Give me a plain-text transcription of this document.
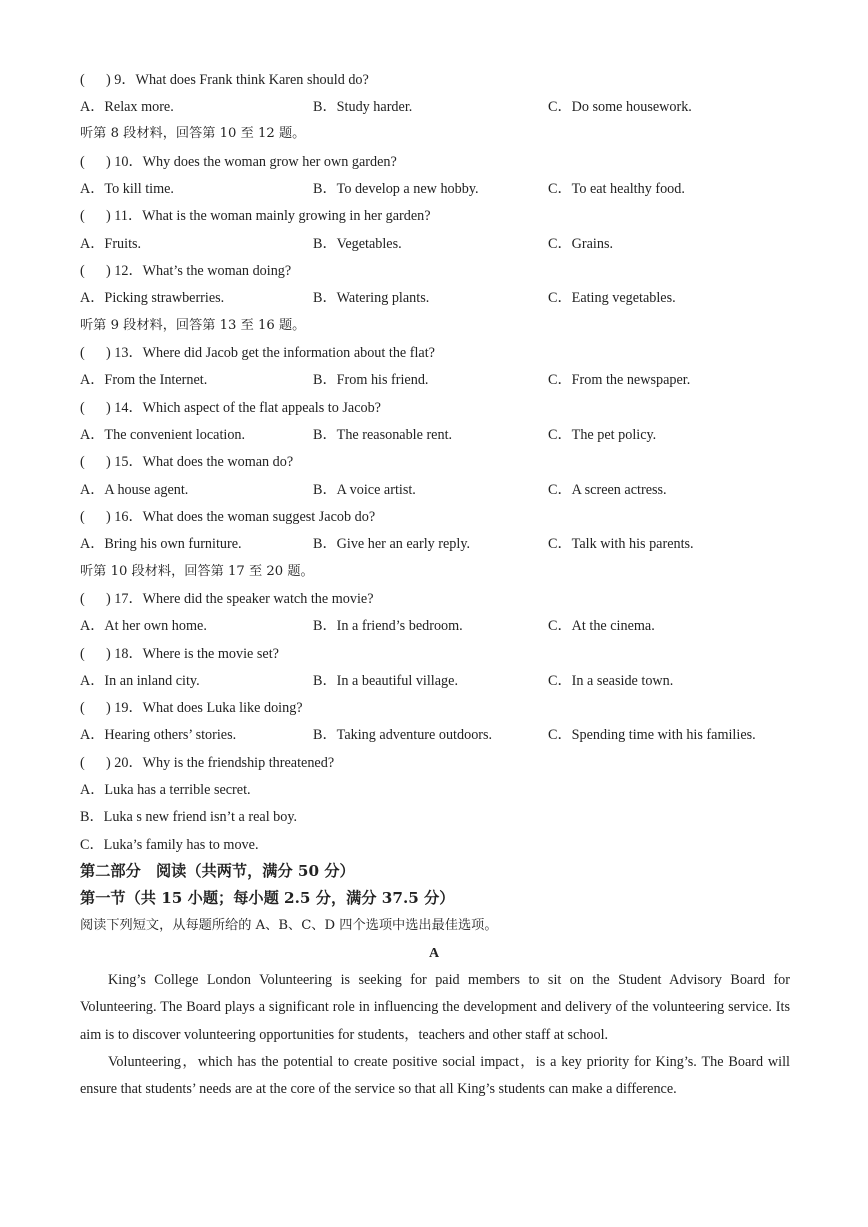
(      ) 9．What does Frank think Karen should do?
A．Relax more.	B．Study harder.	C．Do some housework.
听第 8 段材料，回答第 10 至 12 题。
(      ) 10．Why does the woman grow her own garden?
A．To kill time.	B．To develop a new hobby.	C．To eat healthy food.
(      ) 11．What is the woman mainly growing in her garden?
A．Fruits.	B．Vegetables.	C．Grains.
(      ) 12．What’s the woman doing?
A．Picking strawberries.	B．Watering plants.	C．Eating vegetables.
听第 9 段材料，回答第 13 至 16 题。
(      ) 13．Where did Jacob get the information about the flat?
A．From the Internet.	B．From his friend.	C．From the newspaper.
(      ) 14．Which aspect of the flat appeals to Jacob?
A．The convenient location.	B．The reasonable rent.	C．The pet policy.
(      ) 15．What does the woman do?
A．A house agent.	B．A voice artist.	C．A screen actress.
(      ) 16．What does the woman suggest Jacob do?
A．Bring his own furniture.	B．Give her an early reply.	C．Talk with his parents.
听第 10 段材料，回答第 17 至 20 题。
(      ) 17．Where did the speaker watch the movie?
A．At her own home.	B．In a friend’s bedroom.	C．At the cinema.
(      ) 18．Where is the movie set?
A．In an inland city.	B．In a beautiful village.	C．In a seaside town.
(      ) 19．What does Luka like doing?
A．Hearing others’ stories.	B．Taking adventure outdoors.	C．Spending time with his families.
(      ) 20．Why is the friendship threatened?
A．Luka has a terrible secret.
B．Luka s new friend isn’t a real boy.
C．Luka’s family has to move.
第二部分　阅读（共两节，满分 50 分）
第一节（共 15 小题；每小题 2.5 分，满分 37.5 分）
阅读下列短文，从每题所给的 A、B、C、D 四个选项中选出最佳选项。
A
King’s College London Volunteering is seeking for paid members to sit on the Student Advisory Board for Volunteering. The Board plays a significant role in influencing the development and delivery of the volunteering service. Its aim is to discover volunteering opportunities for students，teachers and other staff at school.
Volunteering，which has the potential to create positive social impact，is a key priority for King’s. The Board will ensure that students’ needs are at the core of the service so that all King’s students can make a difference.
